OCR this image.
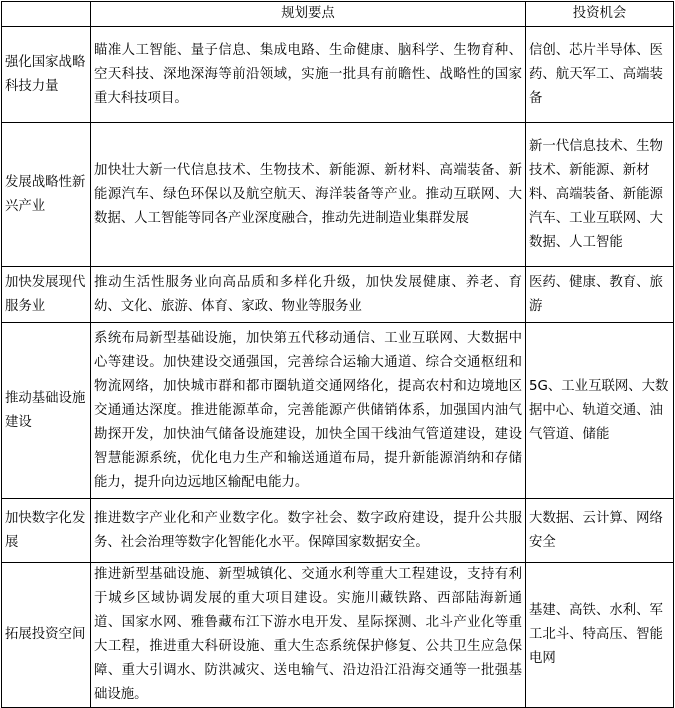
	规划要点	投资机会
强化国家战略科技力量	瞄准人工智能、量子信息、集成电路、生命健康、脑科学、生物育种、空天科技、深地深海等前沿领域，实施一批具有前瞻性、战略性的国家重大科技项目。	信创、芯片半导体、医药、航天军工、高端装备
发展战略性新兴产业	加快壮大新一代信息技术、生物技术、新能源、新材料、高端装备、新能源汽车、绿色环保以及航空航天、海洋装备等产业。推动互联网、大数据、人工智能等同各产业深度融合，推动先进制造业集群发展	新一代信息技术、生物技术、新能源、新材料、高端装备、新能源汽车、工业互联网、大数据、人工智能
加快发展现代服务业	推动生活性服务业向高品质和多样化升级，加快发展健康、养老、育幼、文化、旅游、体育、家政、物业等服务业	医药、健康、教育、旅游
推动基础设施建设	系统布局新型基础设施，加快第五代移动通信、工业互联网、大数据中心等建设。加快建设交通强国，完善综合运输大通道、综合交通枢纽和物流网络，加快城市群和都市圈轨道交通网络化，提高农村和边境地区交通通达深度。推进能源革命，完善能源产供储销体系，加强国内油气勘探开发，加快油气储备设施建设，加快全国干线油气管道建设，建设智慧能源系统，优化电力生产和输送通道布局，提升新能源消纳和存储能力，提升向边远地区输配电能力。	5G、工业互联网、大数据中心、轨道交通、油气管道、储能
加快数字化发展	推进数字产业化和产业数字化。数字社会、数字政府建设，提升公共服务、社会治理等数字化智能化水平。保障国家数据安全。	大数据、云计算、网络安全
拓展投资空间	推进新型基础设施、新型城镇化、交通水利等重大工程建设，支持有利于城乡区域协调发展的重大项目建设。实施川藏铁路、西部陆海新通道、国家水网、雅鲁藏布江下游水电开发、星际探测、北斗产业化等重大工程，推进重大科研设施、重大生态系统保护修复、公共卫生应急保障、重大引调水、防洪减灾、送电输气、沿边沿江沿海交通等一批强基础设施。	基建、高铁、水利、军工北斗、特高压、智能电网
